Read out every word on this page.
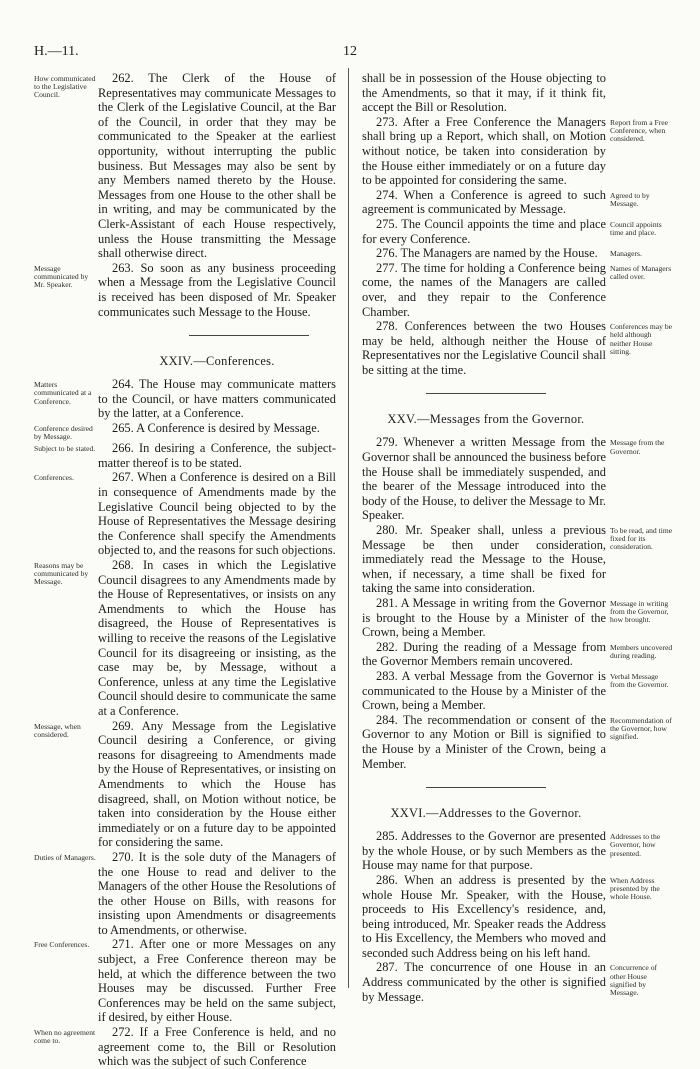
H.—11.	12
How communicated to the Legislative Council.

262. The Clerk of the House of Representatives may communicate Messages to the Clerk of the Legislative Council, at the Bar of the Council, in order that they may be communicated to the Speaker at the earliest opportunity, without interrupting the public business. But Messages may also be sent by any Members named thereto by the House. Messages from one House to the other shall be in writing, and may be communicated by the Clerk-Assistant of each House respectively, unless the House transmitting the Message shall otherwise direct.

Message communicated by Mr. Speaker.

263. So soon as any business proceeding when a Message from the Legislative Council is received has been disposed of Mr. Speaker communicates such Message to the House.

XXIV.—Conferences.
Matters communicated at a Conference.

264. The House may communicate matters to the Council, or have matters communicated by the latter, at a Conference.

Conference desired by Message.

265. A Conference is desired by Message.

Subject to be stated.	266. In desiring a Conference, the subject-matter thereof is to be stated.

Conferences.	267. When a Conference is desired on a Bill in consequence of Amendments made by the Legislative Council being objected to by the House of Representatives the Message desiring the Conference shall specify the Amendments objected to, and the reasons for such objections.

Reasons may be communicated by Message.

268. In cases in which the Legislative Council disagrees to any Amendments made by the House of Representatives, or insists on any Amendments to which the House has disagreed, the House of Representatives is willing to receive the reasons of the Legislative Council for its disagreeing or insisting, as the case may be, by Message, without a Conference, unless at any time the Legislative Council should desire to communicate the same at a Conference.

Message, when considered.

269. Any Message from the Legislative Council desiring a Conference, or giving reasons for disagreeing to Amendments made by the House of Representatives, or insisting on Amendments to which the House has disagreed, shall, on Motion without notice, be taken into consideration by the House either immediately or on a future day to be appointed for considering the same.

Duties of Managers.	270. It is the sole duty of the Managers of the one House to read and deliver to the Managers of the other House the Resolutions of the other House on Bills, with reasons for insisting upon Amendments or disagreements to Amendments, or otherwise.

Free Conferences.	271. After one or more Messages on any subject, a Free Conference thereon may be held, at which the difference between the two Houses may be discussed. Further Free Conferences may be held on the same subject, if desired, by either House.

When no agreement come to.

272. If a Free Conference is held, and no agreement come to, the Bill or Resolution which was the subject of such Conference

shall be in possession of the House objecting to the Amendments, so that it may, if it think fit, accept the Bill or Resolution.

273. After a Free Conference the Managers shall bring up a Report, which shall, on Motion without notice, be taken into consideration by the House either immediately or on a future day to be appointed for considering the same.

Report from a Free Conference, when considered.

274. When a Conference is agreed to such agreement is communicated by Message.

Agreed to by Message.

275. The Council appoints the time and place for every Conference.

Council appoints time and place.

276. The Managers are named by the House.	Managers.

277. The time for holding a Conference being come, the names of the Managers are called over, and they repair to the Conference Chamber.

Names of Managers called over.

278. Conferences between the two Houses may be held, although neither the House of Representatives nor the Legislative Council shall be sitting at the time.

Conferences may be held although neither House sitting.
XXV.—Messages from the Governor.

279. Whenever a written Message from the Governor shall be announced the business before the House shall be immediately suspended, and the bearer of the Message introduced into the body of the House, to deliver the Message to Mr. Speaker.

Message from the Governor.

280. Mr. Speaker shall, unless a previous Message be then under consideration, immediately read the Message to the House, when, if necessary, a time shall be fixed for taking the same into consideration.

To be read, and time fixed for its consideration.

281. A Message in writing from the Governor is brought to the House by a Minister of the Crown, being a Member.

Message in writing from the Governor, how brought.

282. During the reading of a Message from the Governor Members remain uncovered.

Members uncovered during reading.

283. A verbal Message from the Governor is communicated to the House by a Minister of the Crown, being a Member.

Verbal Message from the Governor.

284. The recommendation or consent of the Governor to any Motion or Bill is signified to the House by a Minister of the Crown, being a Member.

Recommendation of the Governor, how signified.
XXVI.—Addresses to the Governor.

285. Addresses to the Governor are presented by the whole House, or by such Members as the House may name for that purpose.

Addresses to the Governor, how presented.

286. When an address is presented by the whole House Mr. Speaker, with the House, proceeds to His Excellency's residence, and, being introduced, Mr. Speaker reads the Address to His Excellency, the Members who moved and seconded such Address being on his left hand.

When Address presented by the whole House.

287. The concurrence of one House in an Address communicated by the other is signified by Message.

Concurrence of other House signified by Message.
